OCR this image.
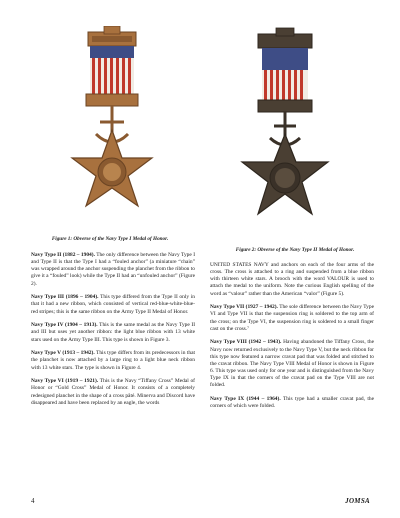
Figure 1: Obverse of the Navy Type I Medal of Honor.
Figure 2: Obverse of the Navy Type II Medal of Honor.

Navy Type II (1882 – 1904). The only difference between the Navy Type I and Type II is that the Type I had a “fouled anchor” (a miniature “chain” was wrapped around the anchor suspending the planchet from the ribbon to give it a “fouled” look) while the Type II had an “unfouled anchor” (Figure 2).

Navy Type III (1896 – 1904). This type differed from the Type II only in that it had a new ribbon, which consisted of vertical red-blue-white-blue-red stripes; this is the same ribbon on the Army Type II Medal of Honor.

Navy Type IV (1904 – 1913). This is the same medal as the Navy Type II and III but uses yet another ribbon: the light blue ribbon with 13 white stars used on the Army Type III. This type is shown in Figure 3.

Navy Type V (1913 – 1942). This type differs from its predecessors in that the planchet is now attached by a large ring to a light blue neck ribbon with 13 white stars. The type is shown in Figure 4.

Navy Type VI (1919 – 1921). This is the Navy “Tiffany Cross” Medal of Honor or “Gold Cross” Medal of Honor. It consists of a completely redesigned planchet in the shape of a cross pâté. Minerva and Discord have disappeared and have been replaced by an eagle, the words

UNITED STATES NAVY and anchors on each of the four arms of the cross. The cross is attached to a ring and suspended from a blue ribbon with thirteen white stars. A brooch with the word VALOUR is used to attach the medal to the uniform. Note the curious English spelling of the word as “valour” rather than the American “valor” (Figure 5).

Navy Type VII (1927 – 1942). The sole difference between the Navy Type VI and Type VII is that the suspension ring is soldered to the top arm of the cross; on the Type VI, the suspension ring is soldered to a small finger cast on the cross.⁷

Navy Type VIII (1942 – 1943). Having abandoned the Tiffany Cross, the Navy now returned exclusively to the Navy Type V, but the neck ribbon for this type now featured a narrow cravat pad that was folded and stitched to the cravat ribbon. The Navy Type VIII Medal of Honor is shown in Figure 6. This type was used only for one year and is distinguished from the Navy Type IX in that the corners of the cravat pad on the Type VIII are not folded.

Navy Type IX (1944 – 1964). This type had a smaller cravat pad, the corners of which were folded.

4	JOMSA
